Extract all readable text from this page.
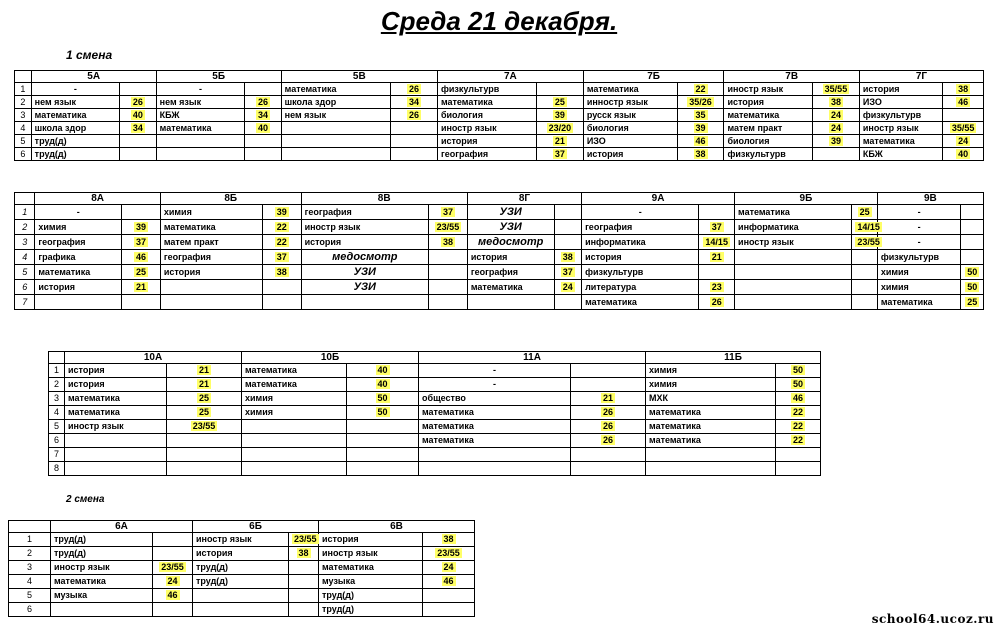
Среда 21 декабря.
1 смена
	5А		5Б		5В		7А		7Б		7В		7Г	
1	-		-		математика	26	физкультурв		математика	22	иностр язык	35/55	история	38
2	нем язык	26	нем язык	26	школа здор	34	математика	25	инностр язык	35/26	история	38	ИЗО	46
3	математика	40	КБЖ	34	нем язык	26	биология	39	русск язык	35	математика	24	физкультурв	
4	школа здор	34	математика	40			иностр язык	23/20	биология	39	матем практ	24	иностр язык	35/55
5	труд(д)						история	21	ИЗО	46	биология	39	математика	24
6	труд(д)						география	37	история	38	физкультурв		КБЖ	40
	8А		8Б		8В		8Г		9А		9Б		9В	
1	-		химия	39	география	37	УЗИ		-		математика	25	-	
2	химия	39	математика	22	иностр язык	23/55	УЗИ		география	37	информатика	14/15	-	
3	география	37	матем практ	22	история	38	медосмотр		информатика	14/15	иностр язык	23/55	-	
4	графика	46	география	37	медосмотр		история	38	история	21			физкультурв	
5	математика	25	история	38	УЗИ		география	37	физкультурв				химия	50
6	история	21			УЗИ		математика	24	литература	23			химия	50
7									математика	26			математика	25
	10А		10Б		11А		11Б	
1	история	21	математика	40	-		химия	50
2	история	21	математика	40	-		химия	50
3	математика	25	химия	50	общество	21	МХК	46
4	математика	25	химия	50	математика	26	математика	22
5	иностр язык	23/55			математика	26	математика	22
6					математика	26	математика	22
7								
8								
2 смена
	6А		6Б		6В	
1	труд(д)		иностр язык	23/55	история	38
2	труд(д)		история	38	иностр язык	23/55
3	иностр язык	23/55	труд(д)		математика	24
4	математика	24	труд(д)		музыка	46
5	музыка	46			труд(д)	
6					труд(д)	
school64.ucoz.ru
